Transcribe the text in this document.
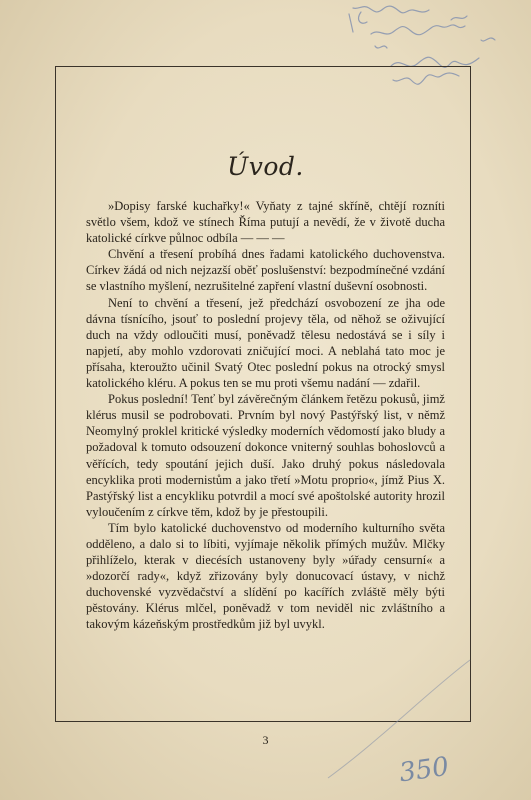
Úvod.

»Dopisy farské kuchařky!« Vyňaty z tajné skříně, chtějí rozníti světlo všem, kdož ve stínech Říma putují a nevědí, že v životě ducha katolické církve půlnoc odbíla — — —

Chvění a třesení probíhá dnes řadami katolického duchovenstva. Církev žádá od nich nejzazší oběť poslušenství: bezpodmínečné vzdání se vlastního myšlení, nezrušitelné zapření vlastní duševní osobnosti.

Není to chvění a třesení, jež předchází osvobození ze jha ode dávna tísnícího, jsouť to poslední projevy těla, od něhož se oživující duch na vždy odloučiti musí, poněvadž tělesu nedostává se i síly i napjetí, aby mohlo vzdorovati zničující moci. A neblahá tato moc je přísaha, kteroužto učinil Svatý Otec poslední pokus na otrocký smysl katolického kléru. A pokus ten se mu proti všemu nadání — zdařil.

Pokus poslední! Tenť byl závěrečným článkem řetězu pokusů, jimž klérus musil se podrobovati. Prvním byl nový Pastýřský list, v němž Neomylný proklel kritické výsledky moderních vědomostí jako bludy a požadoval k tomuto odsouzení dokonce vniterný souhlas bohoslovců a věřících, tedy spoutání jejich duší. Jako druhý pokus následovala encyklika proti modernistům a jako třetí »Motu proprio«, jímž Pius X. Pastýřský list a encykliku potvrdil a mocí své apoštolské autority hrozil vyloučením z církve těm, kdož by je přestoupili.

Tím bylo katolické duchovenstvo od moderního kulturního světa odděleno, a dalo si to líbiti, vyjímaje několik přímých mužův. Mlčky přihlíželo, kterak v diecésích ustanoveny byly »úřady censurní« a »dozorčí rady«, když zřizovány byly donucovací ústavy, v nichž duchovenské vyzvědačství a slídění po kacířích zvláště měly býti pěstovány. Klérus mlčel, poněvadž v tom neviděl nic zvláštního a takovým kázeňským prostředkům již byl uvykl.

3
350
